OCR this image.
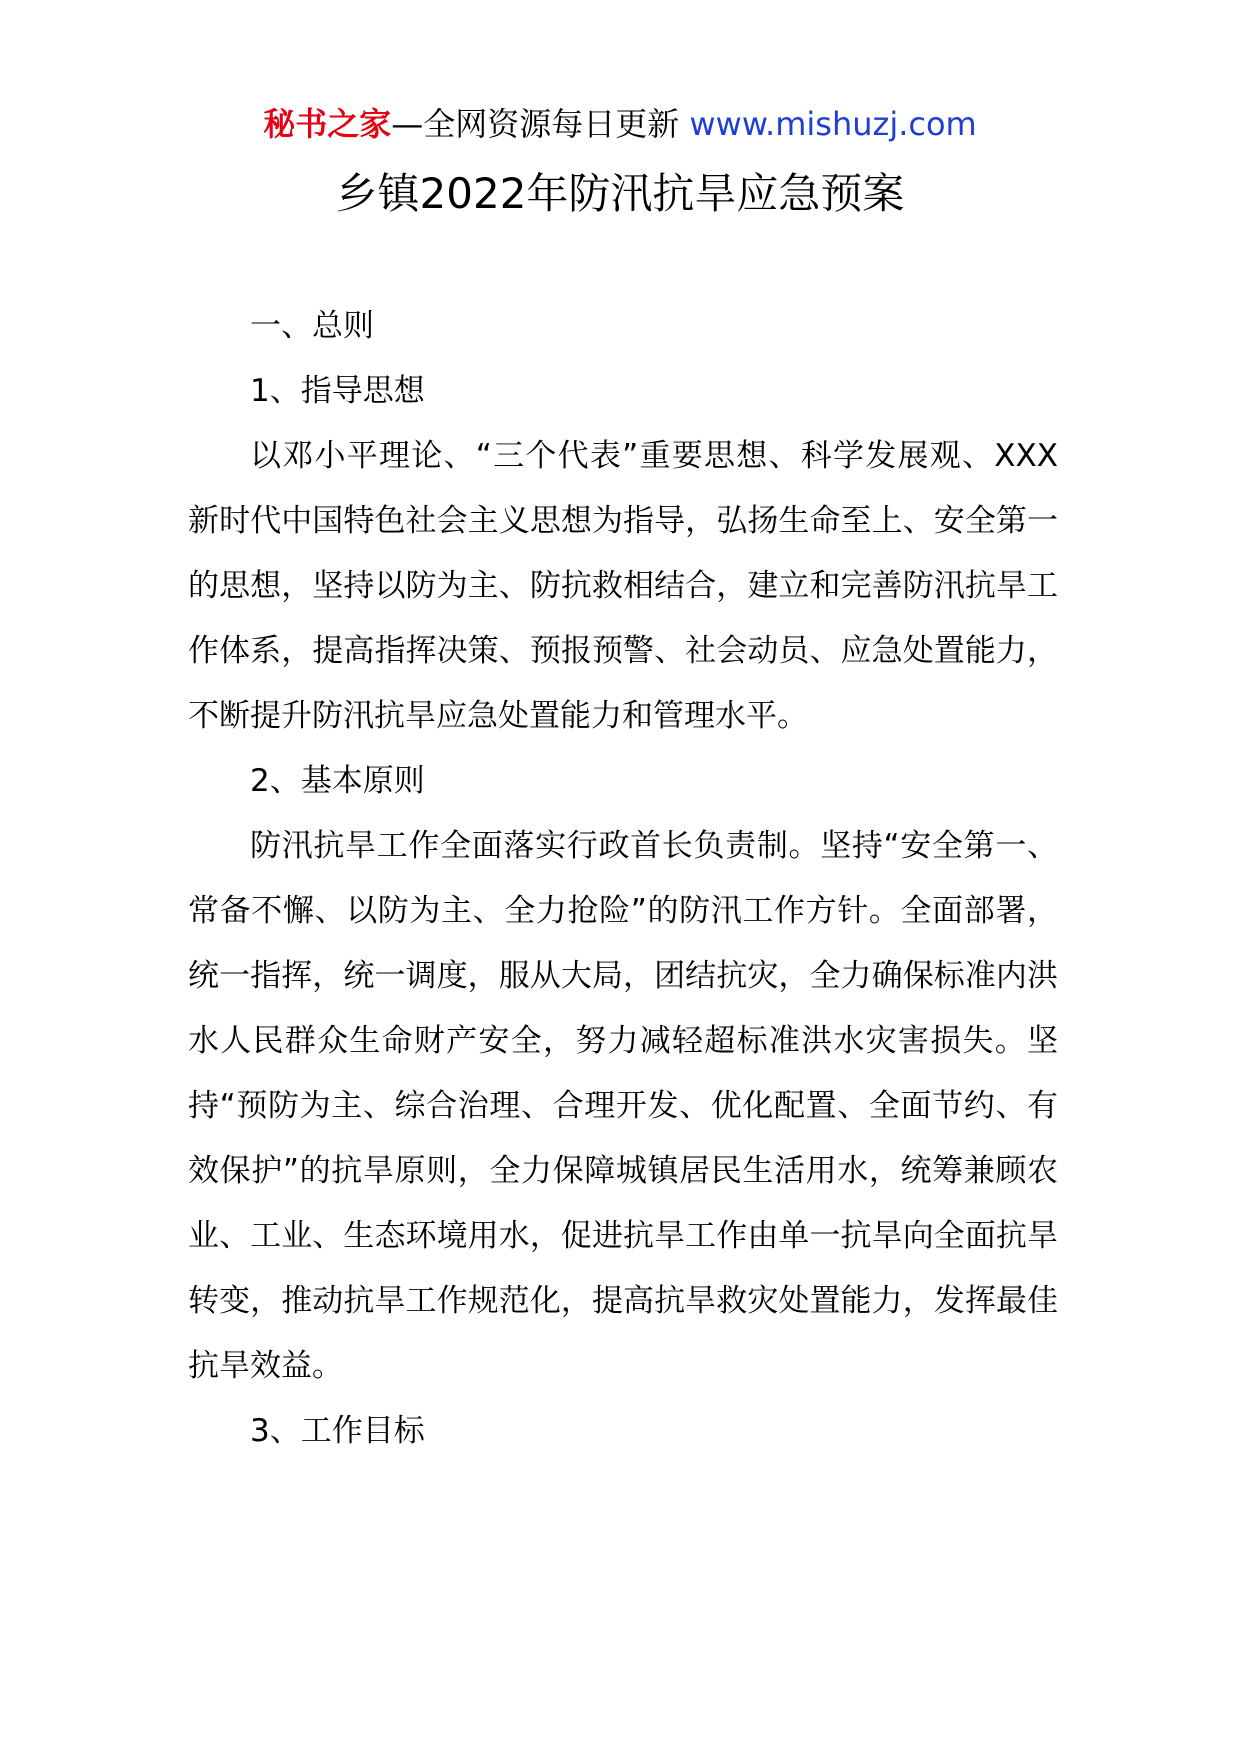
秘书之家—全网资源每日更新 www.mishuzj.com
乡镇2022年防汛抗旱应急预案

一、总则

1、指导思想

以邓小平理论、“三个代表”重要思想、科学发展观、XXX新时代中国特色社会主义思想为指导，弘扬生命至上、安全第一的思想，坚持以防为主、防抗救相结合，建立和完善防汛抗旱工作体系，提高指挥决策、预报预警、社会动员、应急处置能力，不断提升防汛抗旱应急处置能力和管理水平。

2、基本原则

防汛抗旱工作全面落实行政首长负责制。坚持“安全第一、常备不懈、以防为主、全力抢险”的防汛工作方针。全面部署，统一指挥，统一调度，服从大局，团结抗灾，全力确保标准内洪水人民群众生命财产安全，努力减轻超标准洪水灾害损失。坚持“预防为主、综合治理、合理开发、优化配置、全面节约、有效保护”的抗旱原则，全力保障城镇居民生活用水，统筹兼顾农业、工业、生态环境用水，促进抗旱工作由单一抗旱向全面抗旱转变，推动抗旱工作规范化，提高抗旱救灾处置能力，发挥最佳抗旱效益。

3、工作目标
